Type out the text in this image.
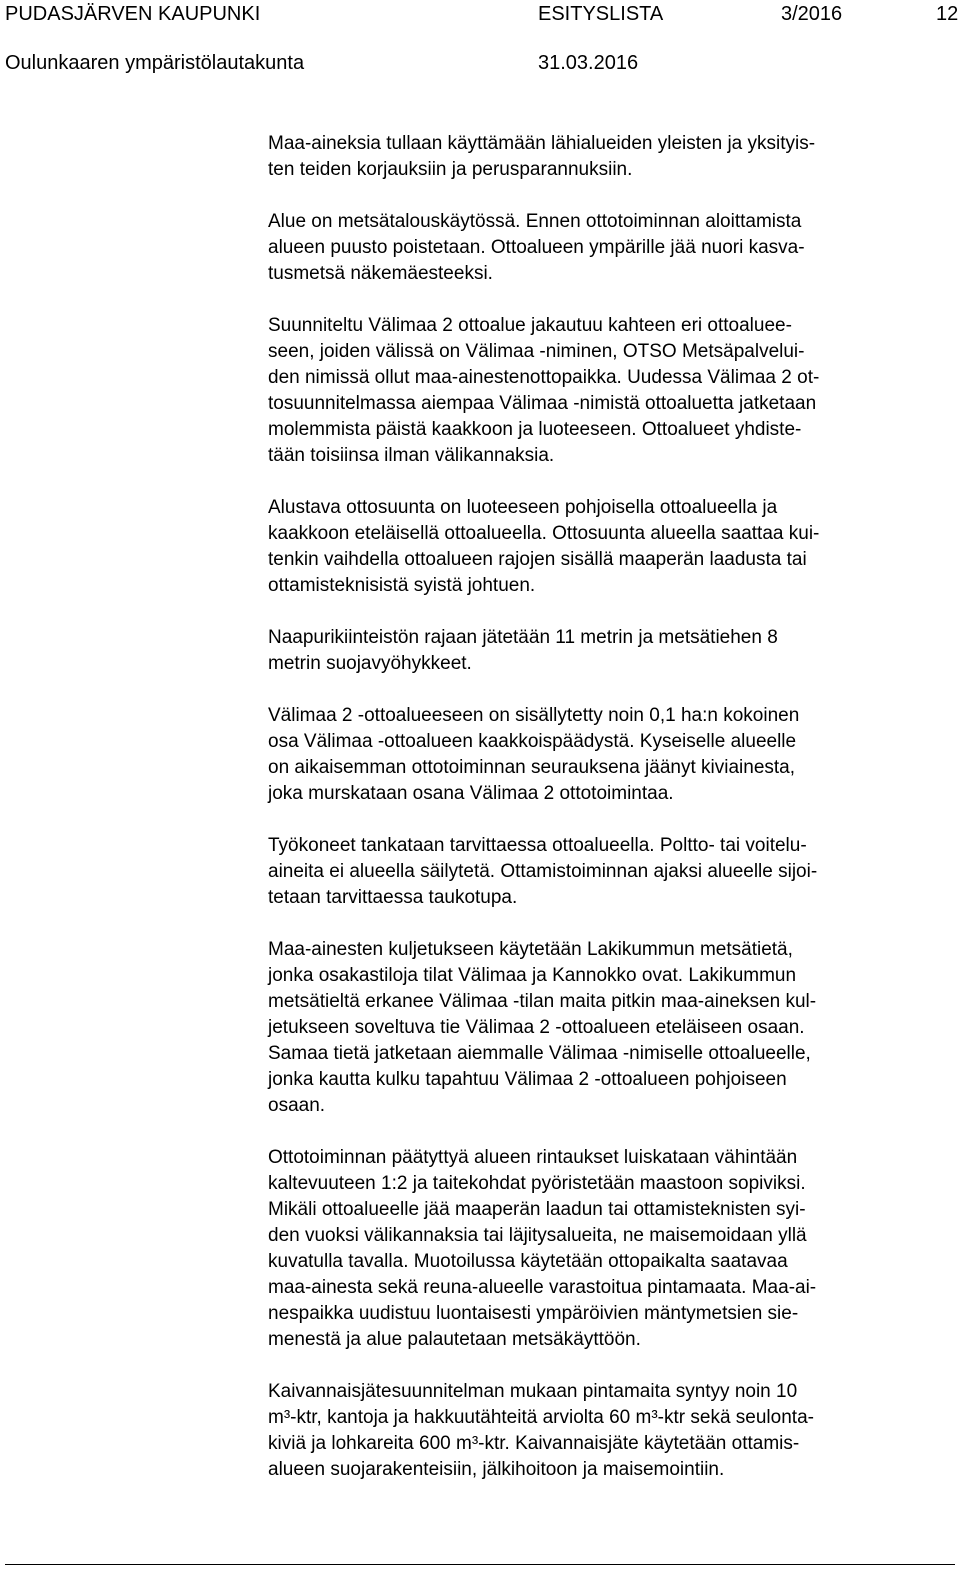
PUDASJÄRVEN KAUPUNKI	ESITYSLISTA	3/2016	12
Oulunkaaren ympäristölautakunta	31.03.2016

Maa-aineksia tullaan käyttämään lähialueiden yleisten ja yksityis-
ten teiden korjauksiin ja perusparannuksiin.

Alue on metsätalouskäytössä. Ennen ottotoiminnan aloittamista
alueen puusto poistetaan. Ottoalueen ympärille jää nuori kasva-
tusmetsä näkemäesteeksi.

Suunniteltu Välimaa 2 ottoalue jakautuu kahteen eri ottoaluee-
seen, joiden välissä on Välimaa -niminen, OTSO Metsäpalvelui-
den nimissä ollut maa-ainestenottopaikka. Uudessa Välimaa 2 ot-
tosuunnitelmassa aiempaa Välimaa -nimistä ottoaluetta jatketaan
molemmista päistä kaakkoon ja luoteeseen. Ottoalueet yhdiste-
tään toisiinsa ilman välikannaksia.

Alustava ottosuunta on luoteeseen pohjoisella ottoalueella ja
kaakkoon eteläisellä ottoalueella. Ottosuunta alueella saattaa kui-
tenkin vaihdella ottoalueen rajojen sisällä maaperän laadusta tai
ottamisteknisistä syistä johtuen.

Naapurikiinteistön rajaan jätetään 11 metrin ja metsätiehen 8
metrin suojavyöhykkeet.

Välimaa 2 -ottoalueeseen on sisällytetty noin 0,1 ha:n kokoinen
osa Välimaa -ottoalueen kaakkoispäädystä. Kyseiselle alueelle
on aikaisemman ottotoiminnan seurauksena jäänyt kiviainesta,
joka murskataan osana Välimaa 2 ottotoimintaa.

Työkoneet tankataan tarvittaessa ottoalueella. Poltto- tai voitelu-
aineita ei alueella säilytetä. Ottamistoiminnan ajaksi alueelle sijoi-
tetaan tarvittaessa taukotupa.

Maa-ainesten kuljetukseen käytetään Lakikummun metsätietä,
jonka osakastiloja tilat Välimaa ja Kannokko ovat. Lakikummun
metsätieltä erkanee Välimaa -tilan maita pitkin maa-aineksen kul-
jetukseen soveltuva tie Välimaa 2 -ottoalueen eteläiseen osaan.
Samaa tietä jatketaan aiemmalle Välimaa -nimiselle ottoalueelle,
jonka kautta kulku tapahtuu Välimaa 2 -ottoalueen pohjoiseen
osaan.

Ottotoiminnan päätyttyä alueen rintaukset luiskataan vähintään
kaltevuuteen 1:2 ja taitekohdat pyöristetään maastoon sopiviksi.
Mikäli ottoalueelle jää maaperän laadun tai ottamisteknisten syi-
den vuoksi välikannaksia tai läjitysalueita, ne maisemoidaan yllä
kuvatulla tavalla. Muotoilussa käytetään ottopaikalta saatavaa
maa-ainesta sekä reuna-alueelle varastoitua pintamaata. Maa-ai-
nespaikka uudistuu luontaisesti ympäröivien mäntymetsien sie-
menestä ja alue palautetaan metsäkäyttöön.

Kaivannaisjätesuunnitelman mukaan pintamaita syntyy noin 10
m³-ktr, kantoja ja hakkuutähteitä arviolta 60 m³-ktr sekä seulonta-
kiviä ja lohkareita 600 m³-ktr. Kaivannaisjäte käytetään ottamis-
alueen suojarakenteisiin, jälkihoitoon ja maisemointiin.
